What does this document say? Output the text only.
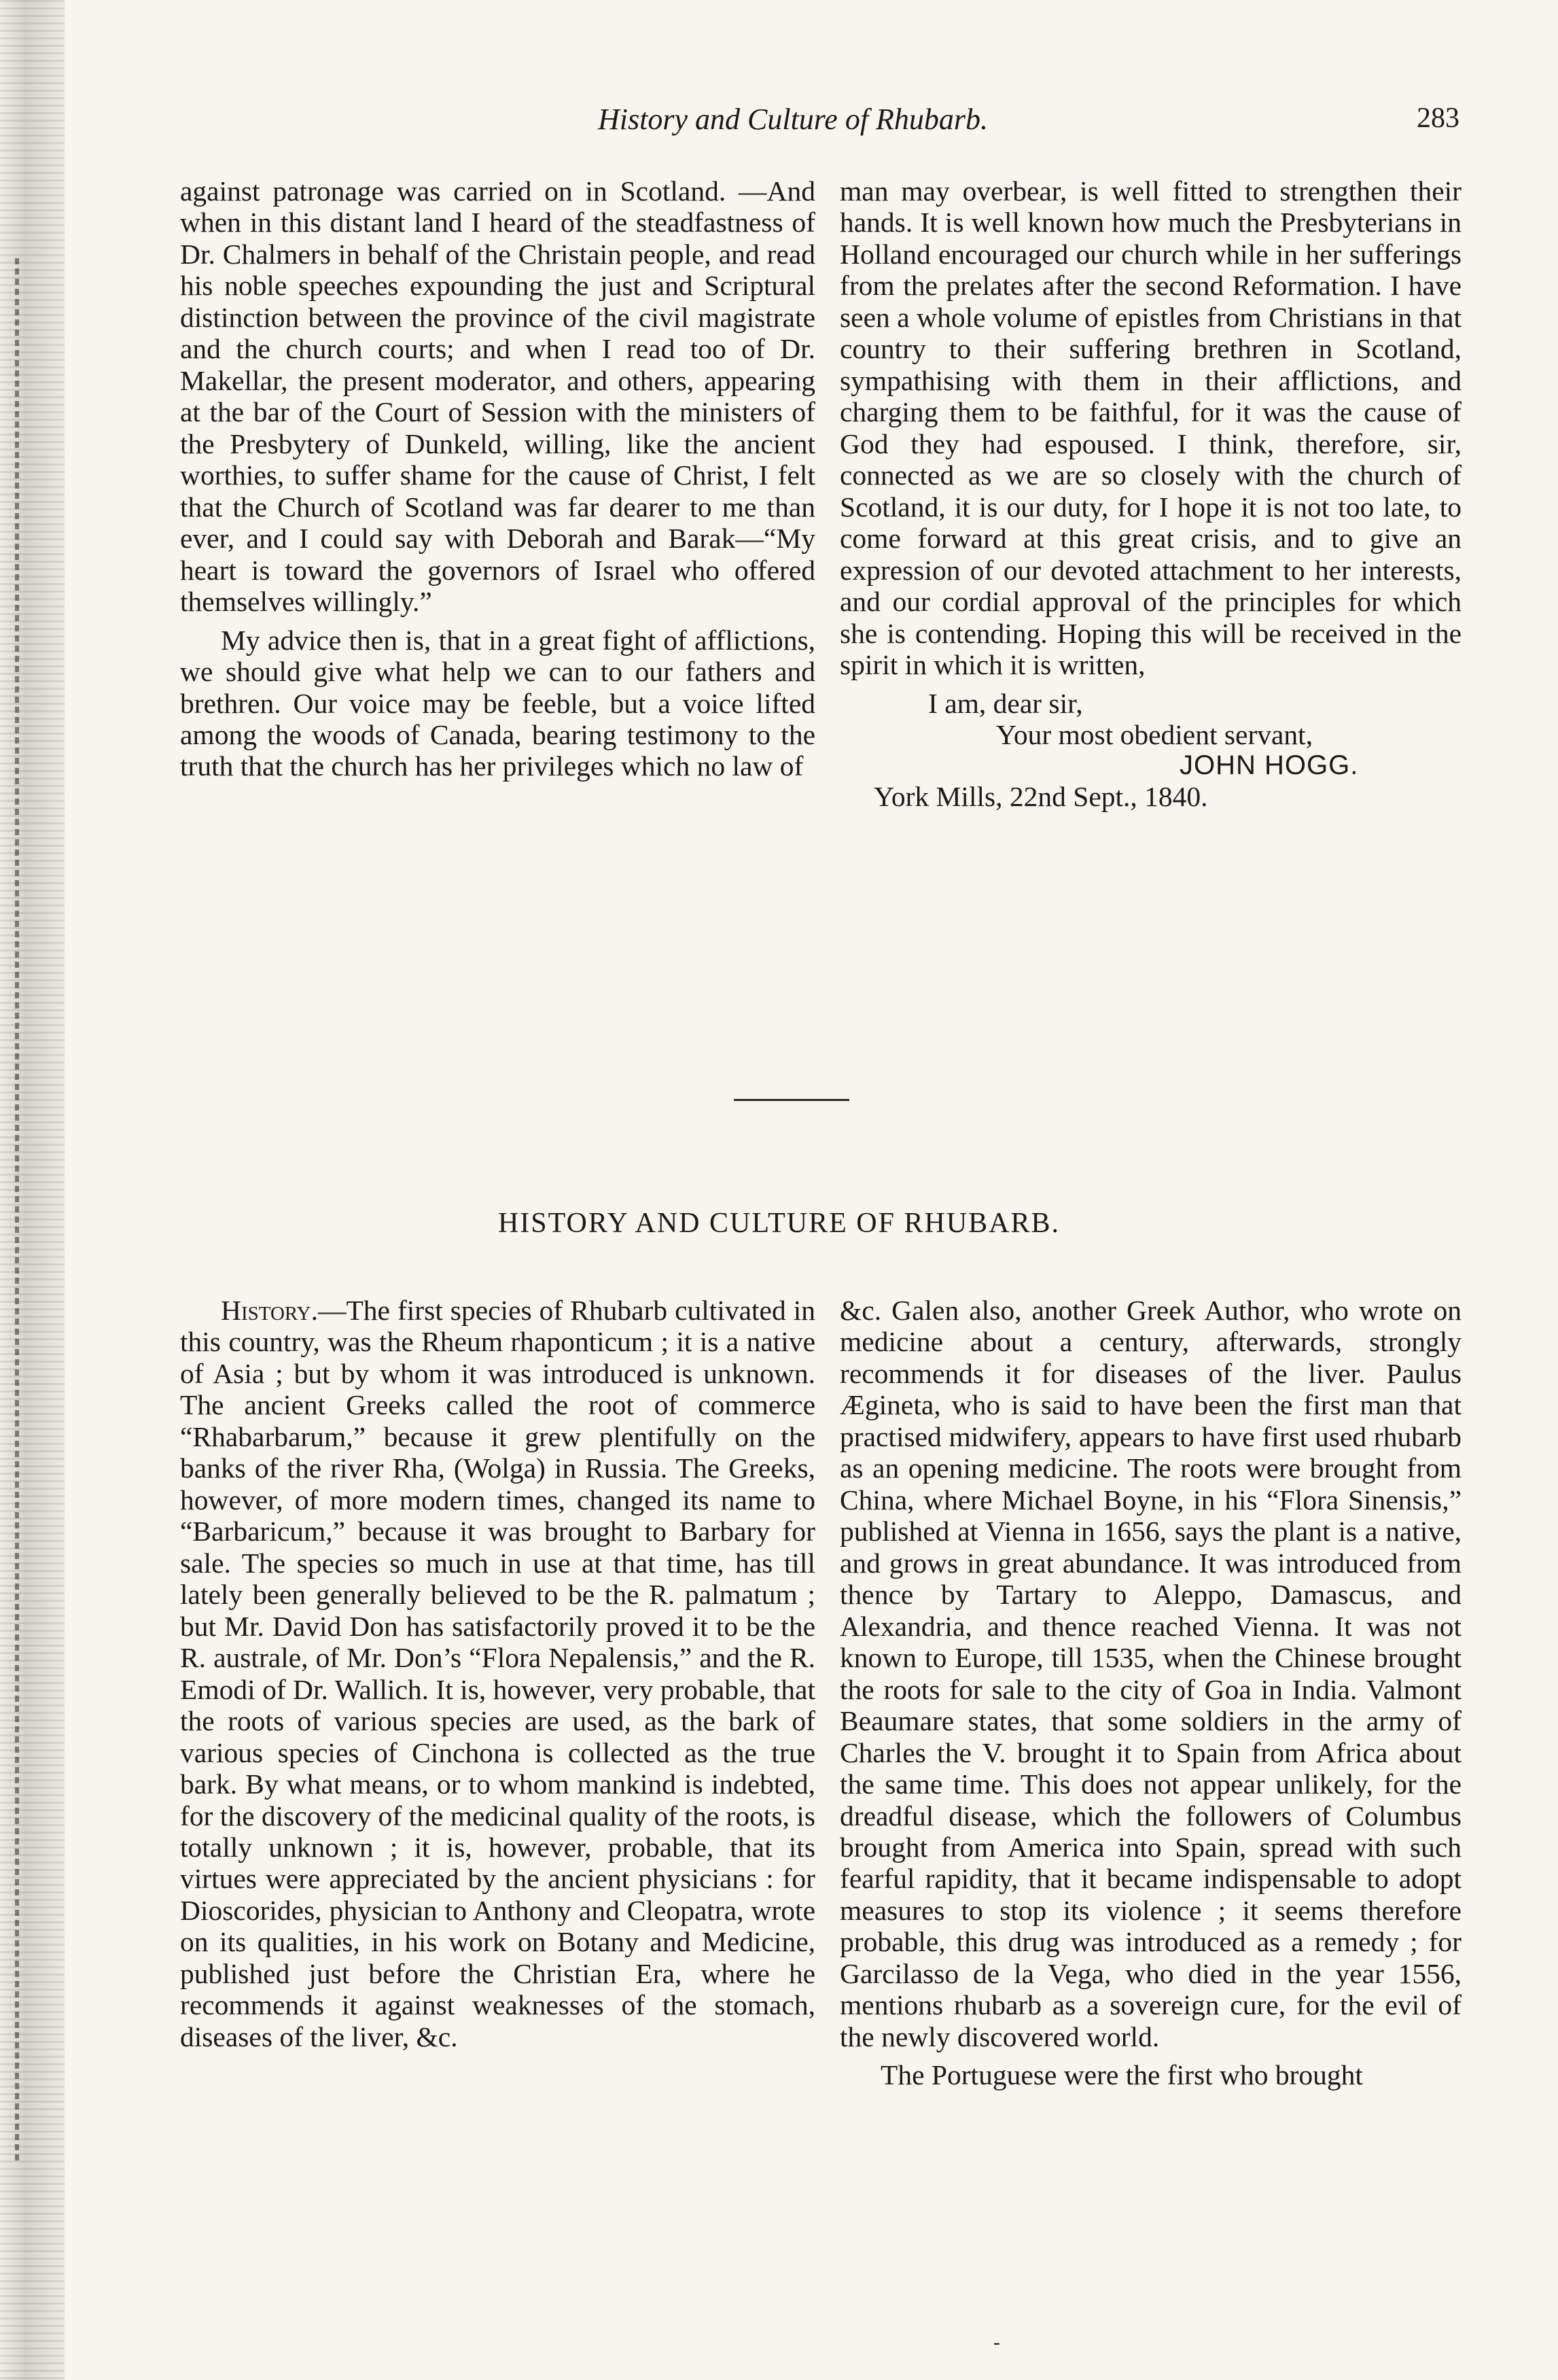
History and Culture of Rhubarb.	283

against patronage was carried on in Scotland. —And when in this distant land I heard of the steadfastness of Dr. Chalmers in behalf of the Christain people, and read his noble speeches expounding the just and Scriptural distinction between the province of the civil magistrate and the church courts; and when I read too of Dr. Makellar, the present moderator, and others, appearing at the bar of the Court of Session with the ministers of the Presbytery of Dunkeld, willing, like the ancient worthies, to suffer shame for the cause of Christ, I felt that the Church of Scotland was far dearer to me than ever, and I could say with Deborah and Barak—“My heart is toward the governors of Israel who offered themselves willingly.”

My advice then is, that in a great fight of afflictions, we should give what help we can to our fathers and brethren. Our voice may be feeble, but a voice lifted among the woods of Canada, bearing testimony to the truth that the church has her privileges which no law of

man may overbear, is well fitted to strengthen their hands. It is well known how much the Presbyterians in Holland encouraged our church while in her sufferings from the prelates after the second Reformation. I have seen a whole volume of epistles from Christians in that country to their suffering brethren in Scotland, sympathising with them in their afflictions, and charging them to be faithful, for it was the cause of God they had espoused. I think, therefore, sir, connected as we are so closely with the church of Scotland, it is our duty, for I hope it is not too late, to come forward at this great crisis, and to give an expression of our devoted attachment to her interests, and our cordial approval of the principles for which she is contending. Hoping this will be received in the spirit in which it is written,

I am, dear sir,
Your most obedient servant,
JOHN HOGG.
York Mills, 22nd Sept., 1840.
HISTORY AND CULTURE OF RHUBARB.

History.—The first species of Rhubarb cultivated in this country, was the Rheum rhaponticum ; it is a native of Asia ; but by whom it was introduced is unknown. The ancient Greeks called the root of commerce “Rhabarbarum,” because it grew plentifully on the banks of the river Rha, (Wolga) in Russia. The Greeks, however, of more modern times, changed its name to “Barbaricum,” because it was brought to Barbary for sale. The species so much in use at that time, has till lately been generally believed to be the R. palmatum ; but Mr. David Don has satisfactorily proved it to be the R. australe, of Mr. Don’s “Flora Nepalensis,” and the R. Emodi of Dr. Wallich. It is, however, very probable, that the roots of various species are used, as the bark of various species of Cinchona is collected as the true bark. By what means, or to whom mankind is indebted, for the discovery of the medicinal quality of the roots, is totally unknown ; it is, however, probable, that its virtues were appreciated by the ancient physicians : for Dioscorides, physician to Anthony and Cleopatra, wrote on its qualities, in his work on Botany and Medicine, published just before the Christian Era, where he recommends it against weaknesses of the stomach, diseases of the liver, &c.

&c. Galen also, another Greek Author, who wrote on medicine about a century, afterwards, strongly recommends it for diseases of the liver. Paulus Ægineta, who is said to have been the first man that practised midwifery, appears to have first used rhubarb as an opening medicine. The roots were brought from China, where Michael Boyne, in his “Flora Sinensis,” published at Vienna in 1656, says the plant is a native, and grows in great abundance. It was introduced from thence by Tartary to Aleppo, Damascus, and Alexandria, and thence reached Vienna. It was not known to Europe, till 1535, when the Chinese brought the roots for sale to the city of Goa in India. Valmont Beaumare states, that some soldiers in the army of Charles the V. brought it to Spain from Africa about the same time. This does not appear unlikely, for the dreadful disease, which the followers of Columbus brought from America into Spain, spread with such fearful rapidity, that it became indispensable to adopt measures to stop its violence ; it seems therefore probable, this drug was introduced as a remedy ; for Garcilasso de la Vega, who died in the year 1556, mentions rhubarb as a sovereign cure, for the evil of the newly discovered world.

The Portuguese were the first who brought

-
